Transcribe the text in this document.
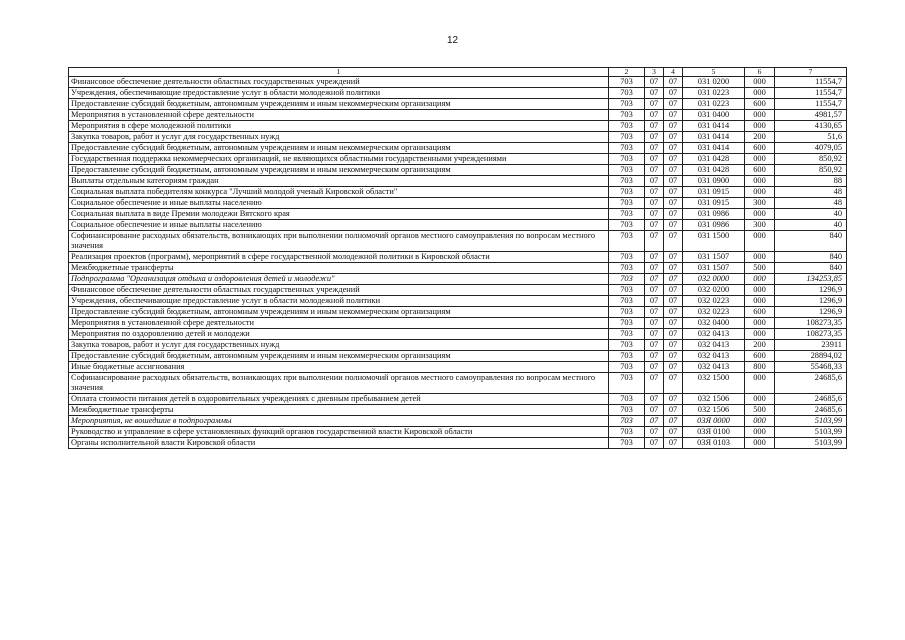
12
1	2	3	4	5	6	7
Финансовое обеспечение деятельности областных государственных учреждений	703	07	07	031 0200	000	11554,7
Учреждения, обеспечивающие предоставление услуг в области молодежной политики	703	07	07	031 0223	000	11554,7
Предоставление субсидий бюджетным, автономным учреждениям и иным некоммерческим организациям	703	07	07	031 0223	600	11554,7
Мероприятия в установленной сфере деятельности	703	07	07	031 0400	000	4981,57
Мероприятия в сфере молодежной политики	703	07	07	031 0414	000	4130,65
Закупка товаров, работ и услуг для государственных нужд	703	07	07	031 0414	200	51,6
Предоставление субсидий бюджетным, автономным учреждениям и иным некоммерческим организациям	703	07	07	031 0414	600	4079,05
Государственная поддержка некоммерческих организаций, не являющихся областными государственными учреждениями	703	07	07	031 0428	000	850,92
Предоставление субсидий бюджетным, автономным учреждениям и иным некоммерческим организациям	703	07	07	031 0428	600	850,92
Выплаты отдельным категориям граждан	703	07	07	031 0900	000	88
Социальная выплата победителям конкурса "Лучший молодой ученый Кировской области"	703	07	07	031 0915	000	48
Социальное обеспечение и иные выплаты населению	703	07	07	031 0915	300	48
Социальная выплата в виде Премии молодежи Вятского края	703	07	07	031 0986	000	40
Социальное обеспечение и иные выплаты населению	703	07	07	031 0986	300	40
Софинансирование расходных обязательств, возникающих при выполнении полномочий органов местного самоуправления по вопросам местного значения	703	07	07	031 1500	000	840
Реализация проектов (программ), мероприятий в сфере государственной молодежной политики в Кировской области	703	07	07	031 1507	000	840
Межбюджетные трансферты	703	07	07	031 1507	500	840
Подпрограмма "Организация отдыха и оздоровления детей и молодежи"	703	07	07	032 0000	000	134253,85
Финансовое обеспечение деятельности областных государственных учреждений	703	07	07	032 0200	000	1296,9
Учреждения, обеспечивающие предоставление услуг в области молодежной политики	703	07	07	032 0223	000	1296,9
Предоставление субсидий бюджетным, автономным учреждениям и иным некоммерческим организациям	703	07	07	032 0223	600	1296,9
Мероприятия в установленной сфере деятельности	703	07	07	032 0400	000	108273,35
Мероприятия по оздоровлению детей и молодежи	703	07	07	032 0413	000	108273,35
Закупка товаров, работ и услуг для государственных нужд	703	07	07	032 0413	200	23911
Предоставление субсидий бюджетным, автономным учреждениям и иным некоммерческим организациям	703	07	07	032 0413	600	28894,02
Иные бюджетные ассигнования	703	07	07	032 0413	800	55468,33
Софинансирование расходных обязательств, возникающих при выполнении полномочий органов местного самоуправления по вопросам местного значения	703	07	07	032 1500	000	24685,6
Оплата стоимости питания детей в оздоровительных учреждениях с дневным пребыванием детей	703	07	07	032 1506	000	24685,6
Межбюджетные трансферты	703	07	07	032 1506	500	24685,6
Мероприятия, не вошедшие в подпрограммы	703	07	07	03Я 0000	000	5103,99
Руководство и управление в сфере установленных функций органов государственной власти Кировской области	703	07	07	03Я 0100	000	5103,99
Органы исполнительной власти Кировской области	703	07	07	03Я 0103	000	5103,99
